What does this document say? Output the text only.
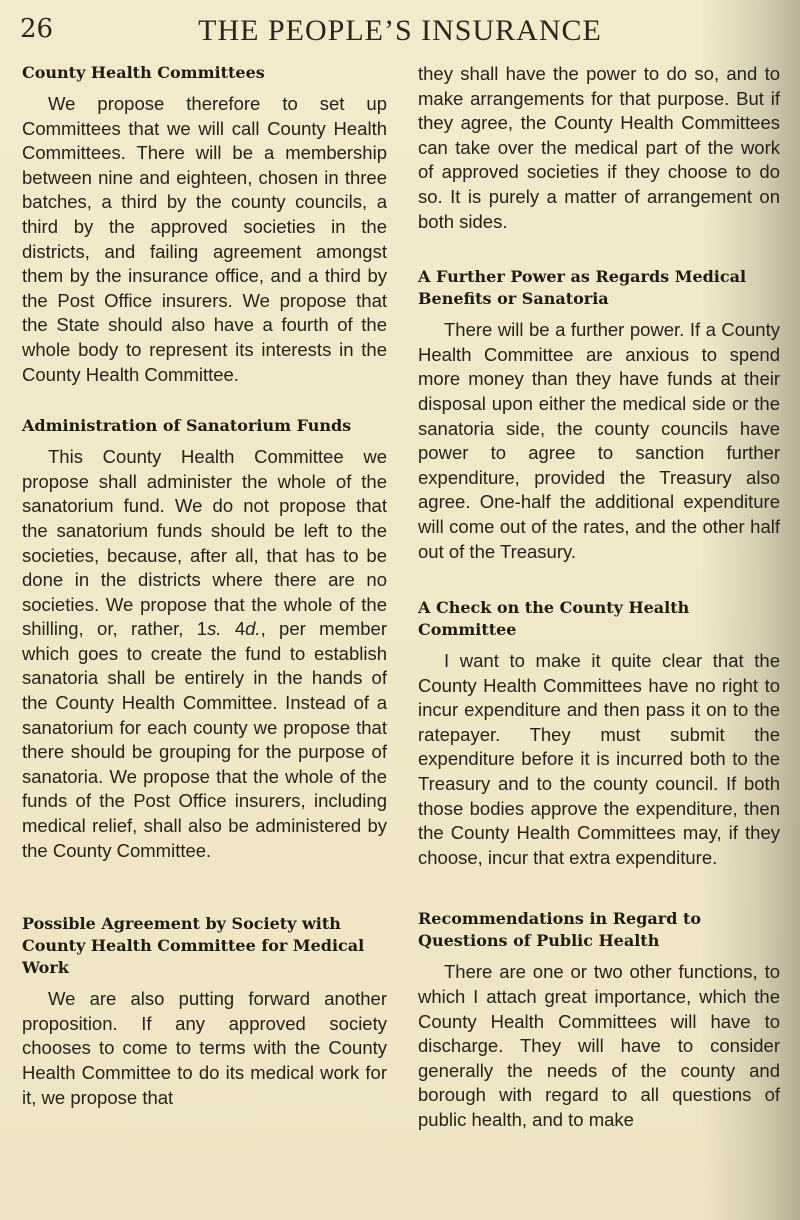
26	THE PEOPLE’S INSURANCE
County Health Committees

We propose therefore to set up Committees that we will call County Health Committees. There will be a membership between nine and eighteen, chosen in three batches, a third by the county councils, a third by the approved societies in the districts, and failing agreement amongst them by the insurance office, and a third by the Post Office insurers. We propose that the State should also have a fourth of the whole body to represent its interests in the County Health Committee.

Administration of Sanatorium Funds

This County Health Committee we propose shall administer the whole of the sanatorium fund. We do not propose that the sanatorium funds should be left to the societies, because, after all, that has to be done in the districts where there are no societies. We propose that the whole of the shilling, or, rather, 1s. 4d., per member which goes to create the fund to establish sanatoria shall be entirely in the hands of the County Health Committee. Instead of a sanatorium for each county we propose that there should be grouping for the purpose of sanatoria. We propose that the whole of the funds of the Post Office insurers, including medical relief, shall also be administered by the County Committee.

Possible Agreement by Society with County Health Committee for Medical Work

We are also putting forward another proposition. If any approved society chooses to come to terms with the County Health Committee to do its medical work for it, we propose that

they shall have the power to do so, and to make arrangements for that purpose. But if they agree, the County Health Committees can take over the medical part of the work of approved societies if they choose to do so. It is purely a matter of arrangement on both sides.

A Further Power as Regards Medical Benefits or Sanatoria

There will be a further power. If a County Health Committee are anxious to spend more money than they have funds at their disposal upon either the medical side or the sanatoria side, the county councils have power to agree to sanction further expenditure, provided the Treasury also agree. One-half the additional expenditure will come out of the rates, and the other half out of the Treasury.

A Check on the County Health Committee

I want to make it quite clear that the County Health Committees have no right to incur expenditure and then pass it on to the ratepayer. They must submit the expenditure before it is incurred both to the Treasury and to the county council. If both those bodies approve the expenditure, then the County Health Committees may, if they choose, incur that extra expenditure.

Recommendations in Regard to Questions of Public Health

There are one or two other functions, to which I attach great importance, which the County Health Committees will have to discharge. They will have to consider generally the needs of the county and borough with regard to all questions of public health, and to make
